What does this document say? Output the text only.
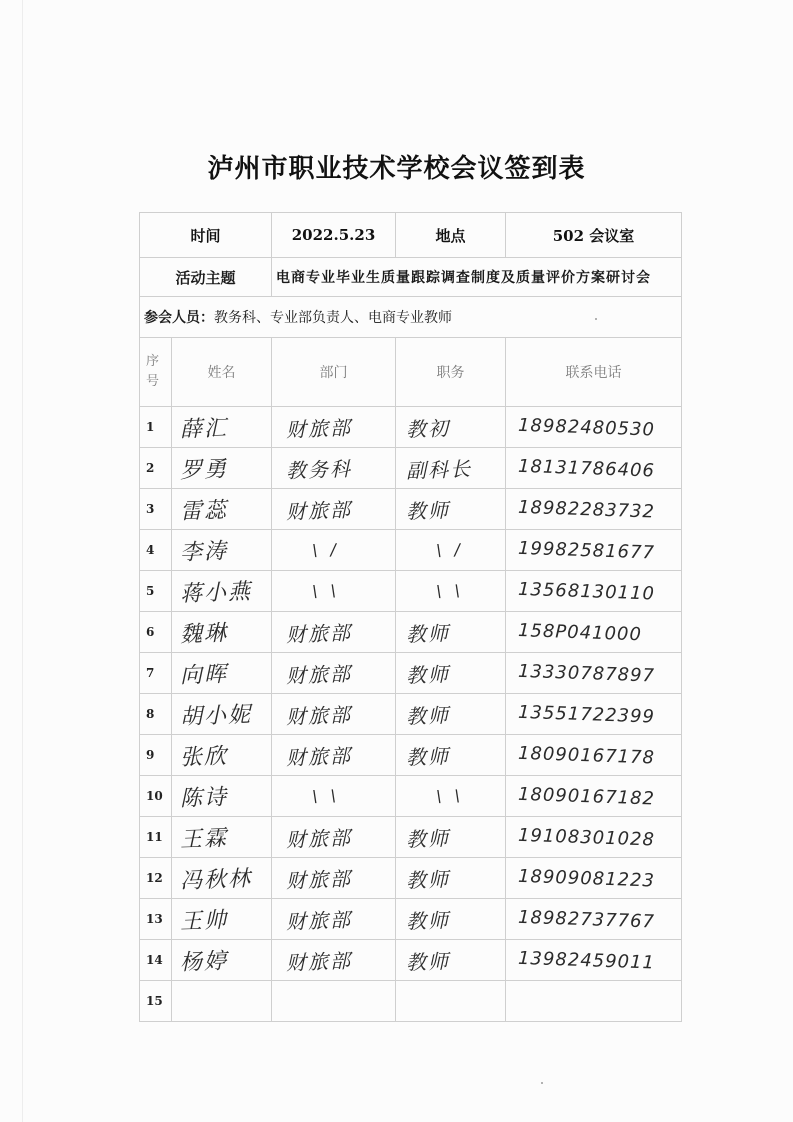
泸州市职业技术学校会议签到表
时间		2022.5.23	地点	502 会议室
活动主题		电商专业毕业生质量跟踪调查制度及质量评价方案研讨会		
参会人员：教务科、专业部负责人、电商专业教师				
序号	姓名	部门	职务	联系电话
1	薛汇	财旅部	教初	18982480530
2	罗勇	教务科	副科长	18131786406
3	雷蕊	财旅部	教师	18982283732
4	李涛	\ /	\ /	19982581677
5	蒋小燕	\ \	\ \	13568130110
6	魏琳	财旅部	教师	158P041000
7	向晖	财旅部	教师	13330787897
8	胡小妮	财旅部	教师	13551722399
9	张欣	财旅部	教师	18090167178
10	陈诗	\ \	\ \	18090167182
11	王霖	财旅部	教师	19108301028
12	冯秋林	财旅部	教师	18909081223
13	王帅	财旅部	教师	18982737767
14	杨婷	财旅部	教师	13982459011
15				
